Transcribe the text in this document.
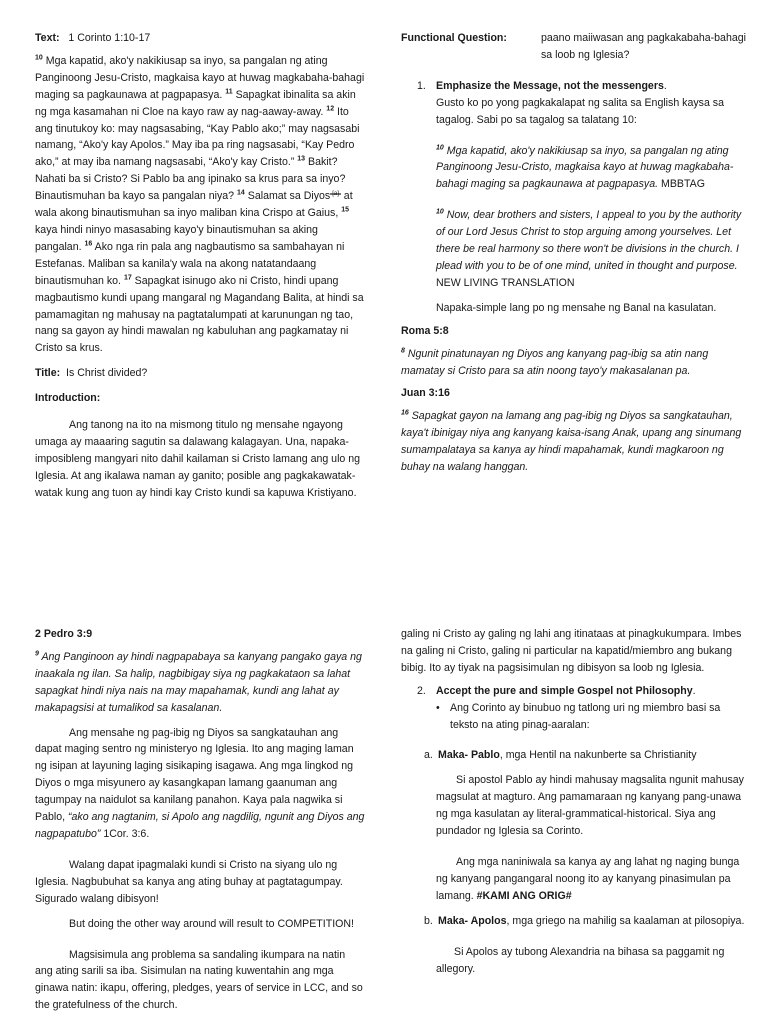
Text: 1 Corinto 1:10-17

$^{10}$ Mga kapatid, ako'y nakikiusap sa inyo, sa pangalan ng ating Panginoong Jesu-Cristo, magkaisa kayo at huwag magkabaha-bahagi maging sa pagkaunawa at pagpapasya. $^{11}$ Sapagkat ibinalita sa akin ng mga kasamahan ni Cloe na kayo raw ay nag-aaway-away. $^{12}$ Ito ang tinutukoy ko: may nagsasabing, “Kay Pablo ako;” may nagsasabi namang, “Ako'y kay Apolos.” May iba pa ring nagsasabi, “Kay Pedro ako,” at may iba namang nagsasabi, “Ako'y kay Cristo.” $^{13}$ Bakit? Nahati ba si Cristo? Si Pablo ba ang ipinako sa krus para sa inyo? Binautismuhan ba kayo sa pangalan niya? $^{14}$ Salamat sa Diyos [a] at wala akong binautismuhan sa inyo maliban kina Crispo at Gaius, $^{15}$ kaya hindi ninyo masasabing kayo'y binautismuhan sa aking pangalan. $^{16}$ Ako nga rin pala ang nagbautismo sa sambahayan ni Estefanas. Maliban sa kanila'y wala na akong natatandaang binautismuhan ko. $^{17}$ Sapagkat isinugo ako ni Cristo, hindi upang magbautismo kundi upang mangaral ng Magandang Balita, at hindi sa pamamagitan ng mahusay na pagtatalumpati at karunungan ng tao, nang sa gayon ay hindi mawalan ng kabuluhan ang pagkamatay ni Cristo sa krus.

Title: Is Christ divided?

Introduction:

Ang tanong na ito na mismong titulo ng mensahe ngayong umaga ay maaaring sagutin sa dalawang kalagayan. Una, napaka-imposibleng mangyari nito dahil kailaman si Cristo lamang ang ulo ng Iglesia. At ang ikalawa naman ay ganito; posible ang pagkakawatak-watak kung ang tuon ay hindi kay Cristo kundi sa kapuwa Kristiyano.

Functional Question:	paano maiiwasan ang pagkakabaha-bahagi sa loob ng Iglesia?
1. Emphasize the Message, not the messengers.

Gusto ko po yong pagkakalapat ng salita sa English kaysa sa tagalog. Sabi po sa tagalog sa talatang 10:

$^{10}$ Mga kapatid, ako'y nakikiusap sa inyo, sa pangalan ng ating Panginoong Jesu-Cristo, magkaisa kayo at huwag magkabaha-bahagi maging sa pagkaunawa at pagpapasya. MBBTAG

$^{10}$ Now, dear brothers and sisters, I appeal to you by the authority of our Lord Jesus Christ to stop arguing among yourselves. Let there be real harmony so there won't be divisions in the church. I plead with you to be of one mind, united in thought and purpose. NEW LIVING TRANSLATION

Napaka-simple lang po ng mensahe ng Banal na kasulatan.

Roma 5:8

$^8$ Ngunit pinatunayan ng Diyos ang kanyang pag-ibig sa atin nang mamatay si Cristo para sa atin noong tayo'y makasalanan pa.

Juan 3:16

$^{16}$ Sapagkat gayon na lamang ang pag-ibig ng Diyos sa sangkatauhan, kaya't ibinigay niya ang kanyang kaisa-isang Anak, upang ang sinumang sumampalataya sa kanya ay hindi mapahamak, kundi magkaroon ng buhay na walang hanggan.

2 Pedro 3:9

$^9$ Ang Panginoon ay hindi nagpapabaya sa kanyang pangako gaya ng inaakala ng ilan. Sa halip, nagbibigay siya ng pagkakataon sa lahat sapagkat hindi niya nais na may mapahamak, kundi ang lahat ay makapagsisi at tumalikod sa kasalanan.

Ang mensahe ng pag-ibig ng Diyos sa sangkatauhan ang dapat maging sentro ng ministeryo ng Iglesia. Ito ang maging laman ng isipan at layuning laging sisikaping isagawa. Ang mga lingkod ng Diyos o mga misyunero ay kasangkapan lamang gaanuman ang tagumpay na naidulot sa kanilang panahon. Kaya pala nagwika si Pablo, “ako ang nagtanim, si Apolo ang nagdilig, ngunit ang Diyos ang nagpapatubo” 1Cor. 3:6.

Walang dapat ipagmalaki kundi si Cristo na siyang ulo ng Iglesia. Nagbubuhat sa kanya ang ating buhay at pagtatagumpay. Sigurado walang dibisyon!

But doing the other way around will result to COMPETITION!

Magsisimula ang problema sa sandaling ikumpara na natin ang ating sarili sa iba. Sisimulan na nating kuwentahin ang mga ginawa natin: ikapu, offering, pledges, years of service in LCC, and so the gratefulness of the church.

galing ni Cristo ay galing ng lahi ang itinataas at pinagkukumpara. Imbes na galing ni Cristo, galing ni particular na kapatid/miembro ang bukang bibig. Ito ay tiyak na pagsisimulan ng dibisyon sa loob ng Iglesia.

2. Accept the pure and simple Gospel not Philosophy.
• Ang Corinto ay binubuo ng tatlong uri ng miembro basi sa teksto na ating pinag-aaralan:
a. Maka- Pablo, mga Hentil na nakunberte sa Christianity

Si apostol Pablo ay hindi mahusay magsalita ngunit mahusay magsulat at magturo. Ang pamamaraan ng kanyang pang-unawa ng mga kasulatan ay literal-grammatical-historical. Siya ang pundador ng Iglesia sa Corinto.

Ang mga naniniwala sa kanya ay ang lahat ng naging bunga ng kanyang pangangaral noong ito ay kanyang pinasimulan pa lamang. #KAMI ANG ORIG#

b. Maka- Apolos, mga griego na mahilig sa kaalaman at pilosopiya.

Si Apolos ay tubong Alexandria na bihasa sa paggamit ng allegory.
